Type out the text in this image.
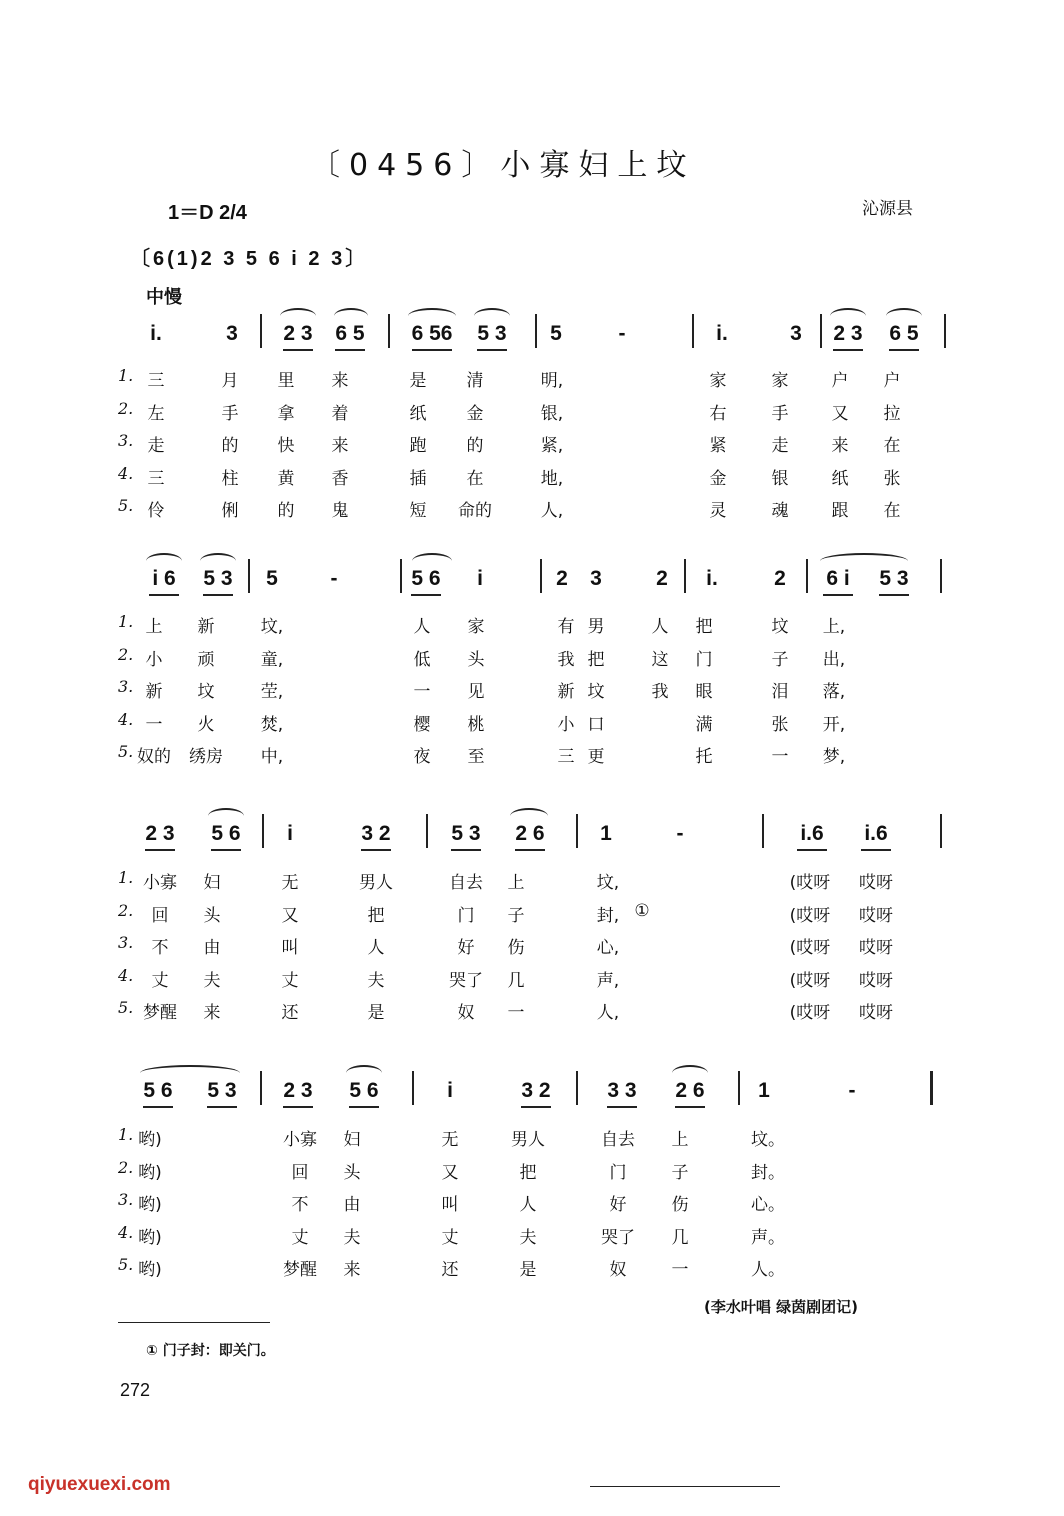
〔0456〕小寡妇上坟
1＝D 2/4	沁源县
〔6(1)2 3 5 6 i 2 3〕
中慢
i.	3 2 3 6 5 6 56 5 3 5	-	i.	3 2 3 6 5
1. 三	月 里 来	是 清	明,	家	家	户 户
2. 左	手 拿 着	纸 金	银,	右	手	又 拉
3. 走	的 快 来	跑 的	紧,	紧	走	来 在
4. 三	柱 黄 香	插 在	地,	金	银	纸 张
5. 伶	俐 的 鬼	短 命的	人,	灵	魂	跟 在
i 6 5 3 5	-	5 6 i	2 3	2 i.	2 6 i 5 3
1. 上 新	坟,	人 家	有 男	人 把	坟 上,
2. 小 顽	童,	低 头	我 把	这 门	子 出,
3. 新 坟	茔,	一 见	新 坟	我 眼	泪 落,
4. 一 火	焚,	樱 桃	小 口	满	张 开,
5. 奴的 绣房 中,	夜 至	三 更	托	一 梦,
2 3 5 6 i	3 2	5 3 2 6	1	-	i.6 i.6
1. 小寡 妇	无	男人	自去 上	坟,	(哎呀 哎呀
2. 回 头	又	把	门 子	封, ①	(哎呀 哎呀
3. 不 由	叫	人	好 伤	心,	(哎呀 哎呀
4. 丈 夫	丈	夫	哭了 几	声,	(哎呀 哎呀
5. 梦醒 来	还	是	奴 一	人,	(哎呀 哎呀
5 6 5 3 2 3 5 6	i	3 2	3 3 2 6	1	-
1. 哟)	小寡 妇	无	男人	自去 上	坟。
2. 哟)	回 头	又	把	门	子	封。
3. 哟)	不 由	叫	人	好	伤	心。
4. 哟)	丈 夫	丈	夫	哭了 几	声。
5. 哟)	梦醒 来	还	是	奴	一	人。
(李水叶唱 绿茵剧团记)
① 门子封：即关门。
272
qiyuexuexi.com
